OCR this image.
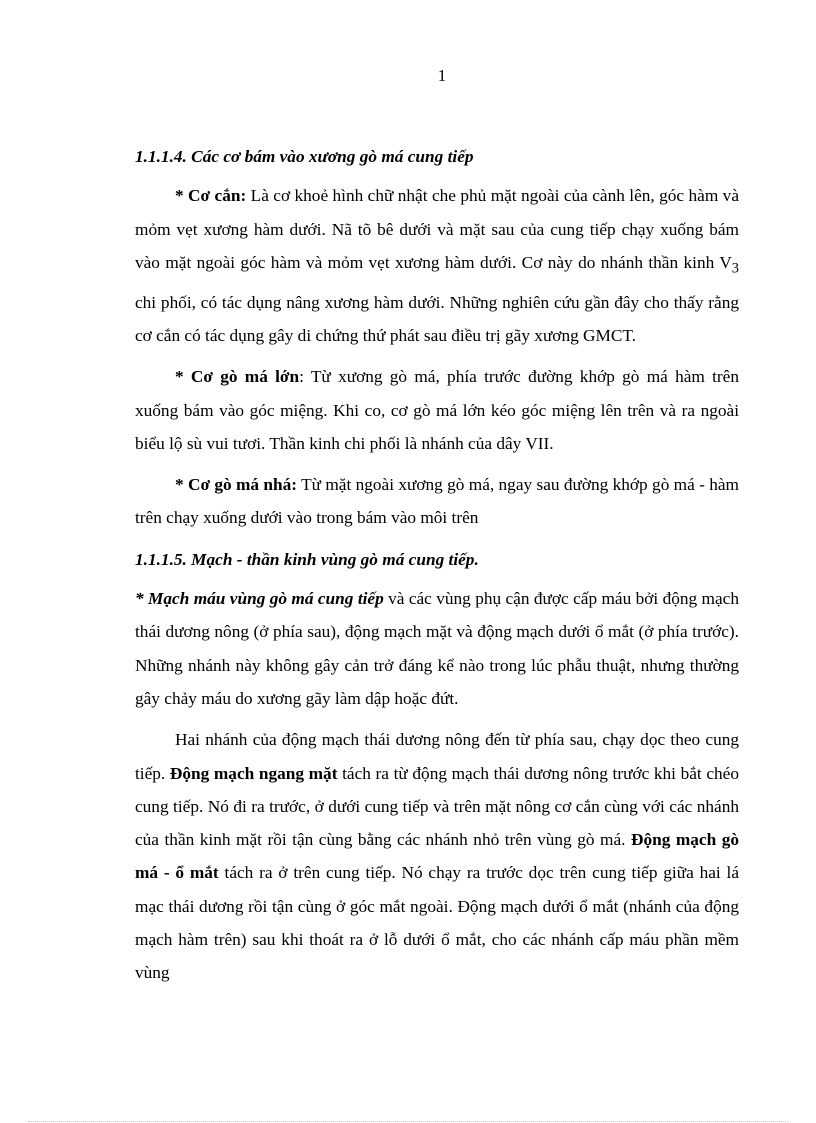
1
1.1.1.4. Các cơ bám vào xương gò má cung tiếp

* Cơ cắn: Là cơ khoẻ hình chữ nhật che phủ mặt ngoài của cành lên, góc hàm và mỏm vẹt xương hàm dưới. Nã tõ bê dưới và mặt sau của cung tiếp chạy xuống bám vào mặt ngoài góc hàm và mỏm vẹt xương hàm dưới. Cơ này do nhánh thần kinh $V_3$ chi phối, có tác dụng nâng xương hàm dưới. Những nghiên cứu gần đây cho thấy rằng cơ cắn có tác dụng gây di chứng thứ phát sau điều trị gãy xương GMCT.

* Cơ gò má lớn: Từ xương gò má, phía trước đường khớp gò má hàm trên xuống bám vào góc miệng. Khi co, cơ gò má lớn kéo góc miệng lên trên và ra ngoài biểu lộ sù vui tươi. Thần kinh chi phối là nhánh của dây VII.

* Cơ gò má nhá: Từ mặt ngoài xương gò má, ngay sau đường khớp gò má - hàm trên chạy xuống dưới vào trong bám vào môi trên

1.1.1.5. Mạch - thần kinh vùng gò má cung tiếp.

* Mạch máu vùng gò má cung tiếp và các vùng phụ cận được cấp máu bởi động mạch thái dương nông (ở phía sau), động mạch mặt và động mạch dưới ổ mắt (ở phía trước). Những nhánh này không gây cản trở đáng kể nào trong lúc phẫu thuật, nhưng thường gây chảy máu do xương gãy làm dập hoặc đứt.

Hai nhánh của động mạch thái dương nông đến từ phía sau, chạy dọc theo cung tiếp. Động mạch ngang mặt tách ra từ động mạch thái dương nông trước khi bắt chéo cung tiếp. Nó đi ra trước, ở dưới cung tiếp và trên mặt nông cơ cắn cùng với các nhánh của thần kinh mặt rồi tận cùng bằng các nhánh nhỏ trên vùng gò má. Động mạch gò má - ổ mắt tách ra ở trên cung tiếp. Nó chạy ra trước dọc trên cung tiếp giữa hai lá mạc thái dương rồi tận cùng ở góc mắt ngoài. Động mạch dưới ổ mắt (nhánh của động mạch hàm trên) sau khi thoát ra ở lỗ dưới ổ mắt, cho các nhánh cấp máu phần mềm vùng
